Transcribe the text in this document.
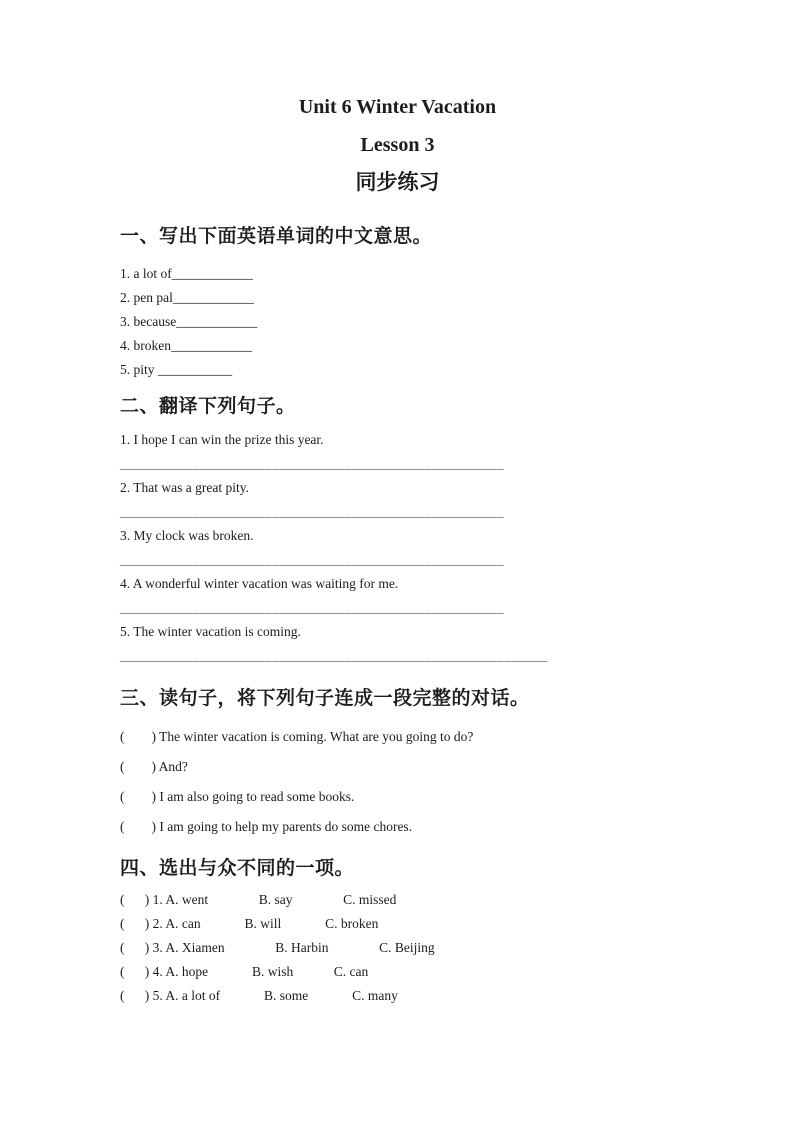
Unit 6 Winter Vacation
Lesson 3
同步练习
一、写出下面英语单词的中文意思。
1. a lot of____________
2. pen pal____________
3. because____________
4. broken____________
5. pity ___________
二、翻译下列句子。
1. I hope I can win the prize this year.
_____________________________________________________
2. That was a great pity.
_____________________________________________________
3. My clock was broken.
_____________________________________________________
4. A wonderful winter vacation was waiting for me.
_____________________________________________________
5. The winter vacation is coming.
___________________________________________________________
三、读句子，将下列句子连成一段完整的对话。
(        ) The winter vacation is coming. What are you going to do?
(        ) And?
(        ) I am also going to read some books.
(        ) I am going to help my parents do some chores.
四、选出与众不同的一项。
(      ) 1. A. went               B. say               C. missed
(      ) 2. A. can             B. will             C. broken
(      ) 3. A. Xiamen               B. Harbin               C. Beijing
(      ) 4. A. hope             B. wish            C. can
(      ) 5. A. a lot of             B. some             C. many
